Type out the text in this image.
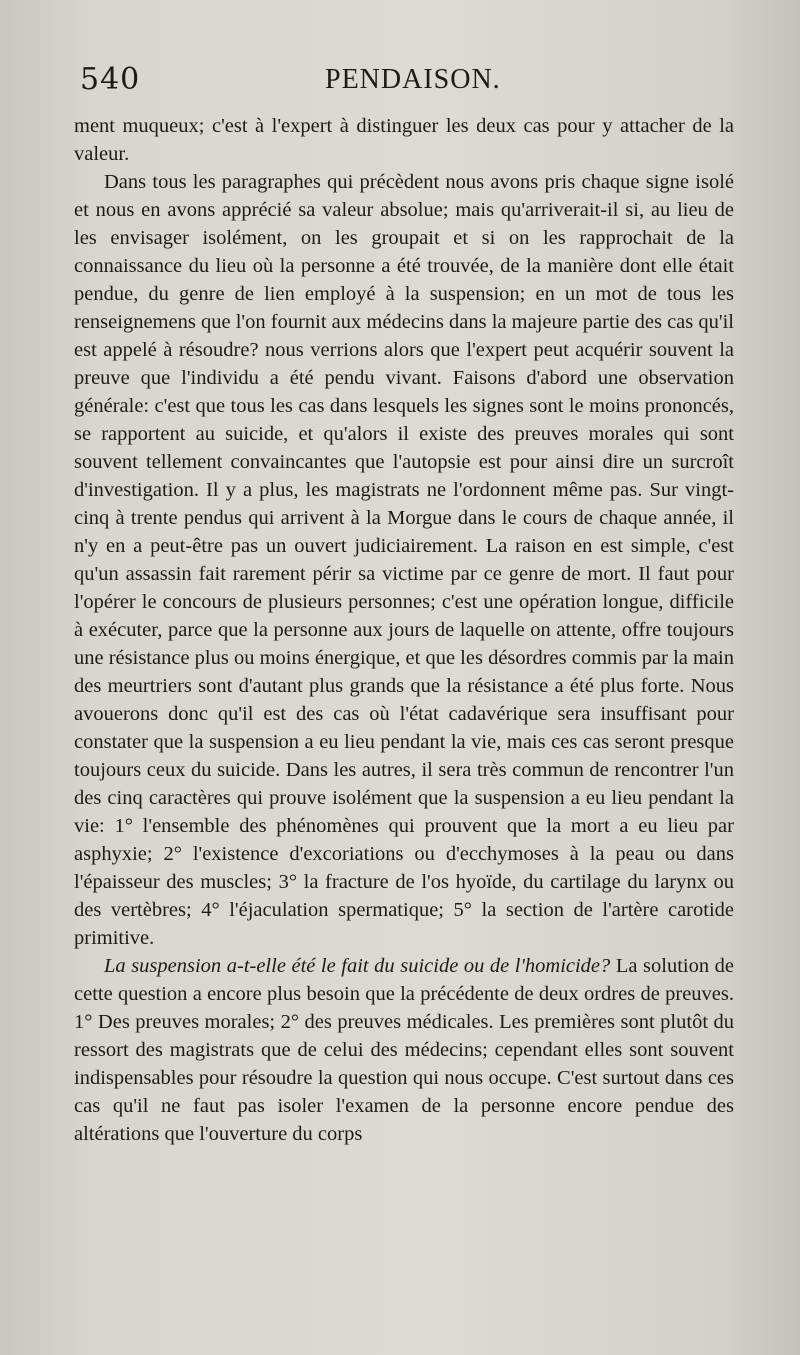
540	PENDAISON.

ment muqueux; c'est à l'expert à distinguer les deux cas pour y attacher de la valeur.

Dans tous les paragraphes qui précèdent nous avons pris chaque signe isolé et nous en avons apprécié sa valeur absolue; mais qu'arriverait-il si, au lieu de les envisager isolément, on les groupait et si on les rapprochait de la connaissance du lieu où la personne a été trouvée, de la manière dont elle était pendue, du genre de lien employé à la suspension; en un mot de tous les renseignemens que l'on fournit aux médecins dans la majeure partie des cas qu'il est appelé à résoudre? nous verrions alors que l'expert peut acquérir souvent la preuve que l'individu a été pendu vivant. Faisons d'abord une observation générale: c'est que tous les cas dans lesquels les signes sont le moins prononcés, se rapportent au suicide, et qu'alors il existe des preuves morales qui sont souvent tellement convaincantes que l'autopsie est pour ainsi dire un surcroît d'investigation. Il y a plus, les magistrats ne l'ordonnent même pas. Sur vingt-cinq à trente pendus qui arrivent à la Morgue dans le cours de chaque année, il n'y en a peut-être pas un ouvert judiciairement. La raison en est simple, c'est qu'un assassin fait rarement périr sa victime par ce genre de mort. Il faut pour l'opérer le concours de plusieurs personnes; c'est une opération longue, difficile à exécuter, parce que la personne aux jours de laquelle on attente, offre toujours une résistance plus ou moins énergique, et que les désordres commis par la main des meurtriers sont d'autant plus grands que la résistance a été plus forte. Nous avouerons donc qu'il est des cas où l'état cadavérique sera insuffisant pour constater que la suspension a eu lieu pendant la vie, mais ces cas seront presque toujours ceux du suicide. Dans les autres, il sera très commun de rencontrer l'un des cinq caractères qui prouve isolément que la suspension a eu lieu pendant la vie: 1° l'ensemble des phénomènes qui prouvent que la mort a eu lieu par asphyxie; 2° l'existence d'excoriations ou d'ecchymoses à la peau ou dans l'épaisseur des muscles; 3° la fracture de l'os hyoïde, du cartilage du larynx ou des vertèbres; 4° l'éjaculation spermatique; 5° la section de l'artère carotide primitive.

La suspension a-t-elle été le fait du suicide ou de l'homicide? La solution de cette question a encore plus besoin que la précédente de deux ordres de preuves. 1° Des preuves morales; 2° des preuves médicales. Les premières sont plutôt du ressort des magistrats que de celui des médecins; cependant elles sont souvent indispensables pour résoudre la question qui nous occupe. C'est surtout dans ces cas qu'il ne faut pas isoler l'examen de la personne encore pendue des altérations que l'ouverture du corps
